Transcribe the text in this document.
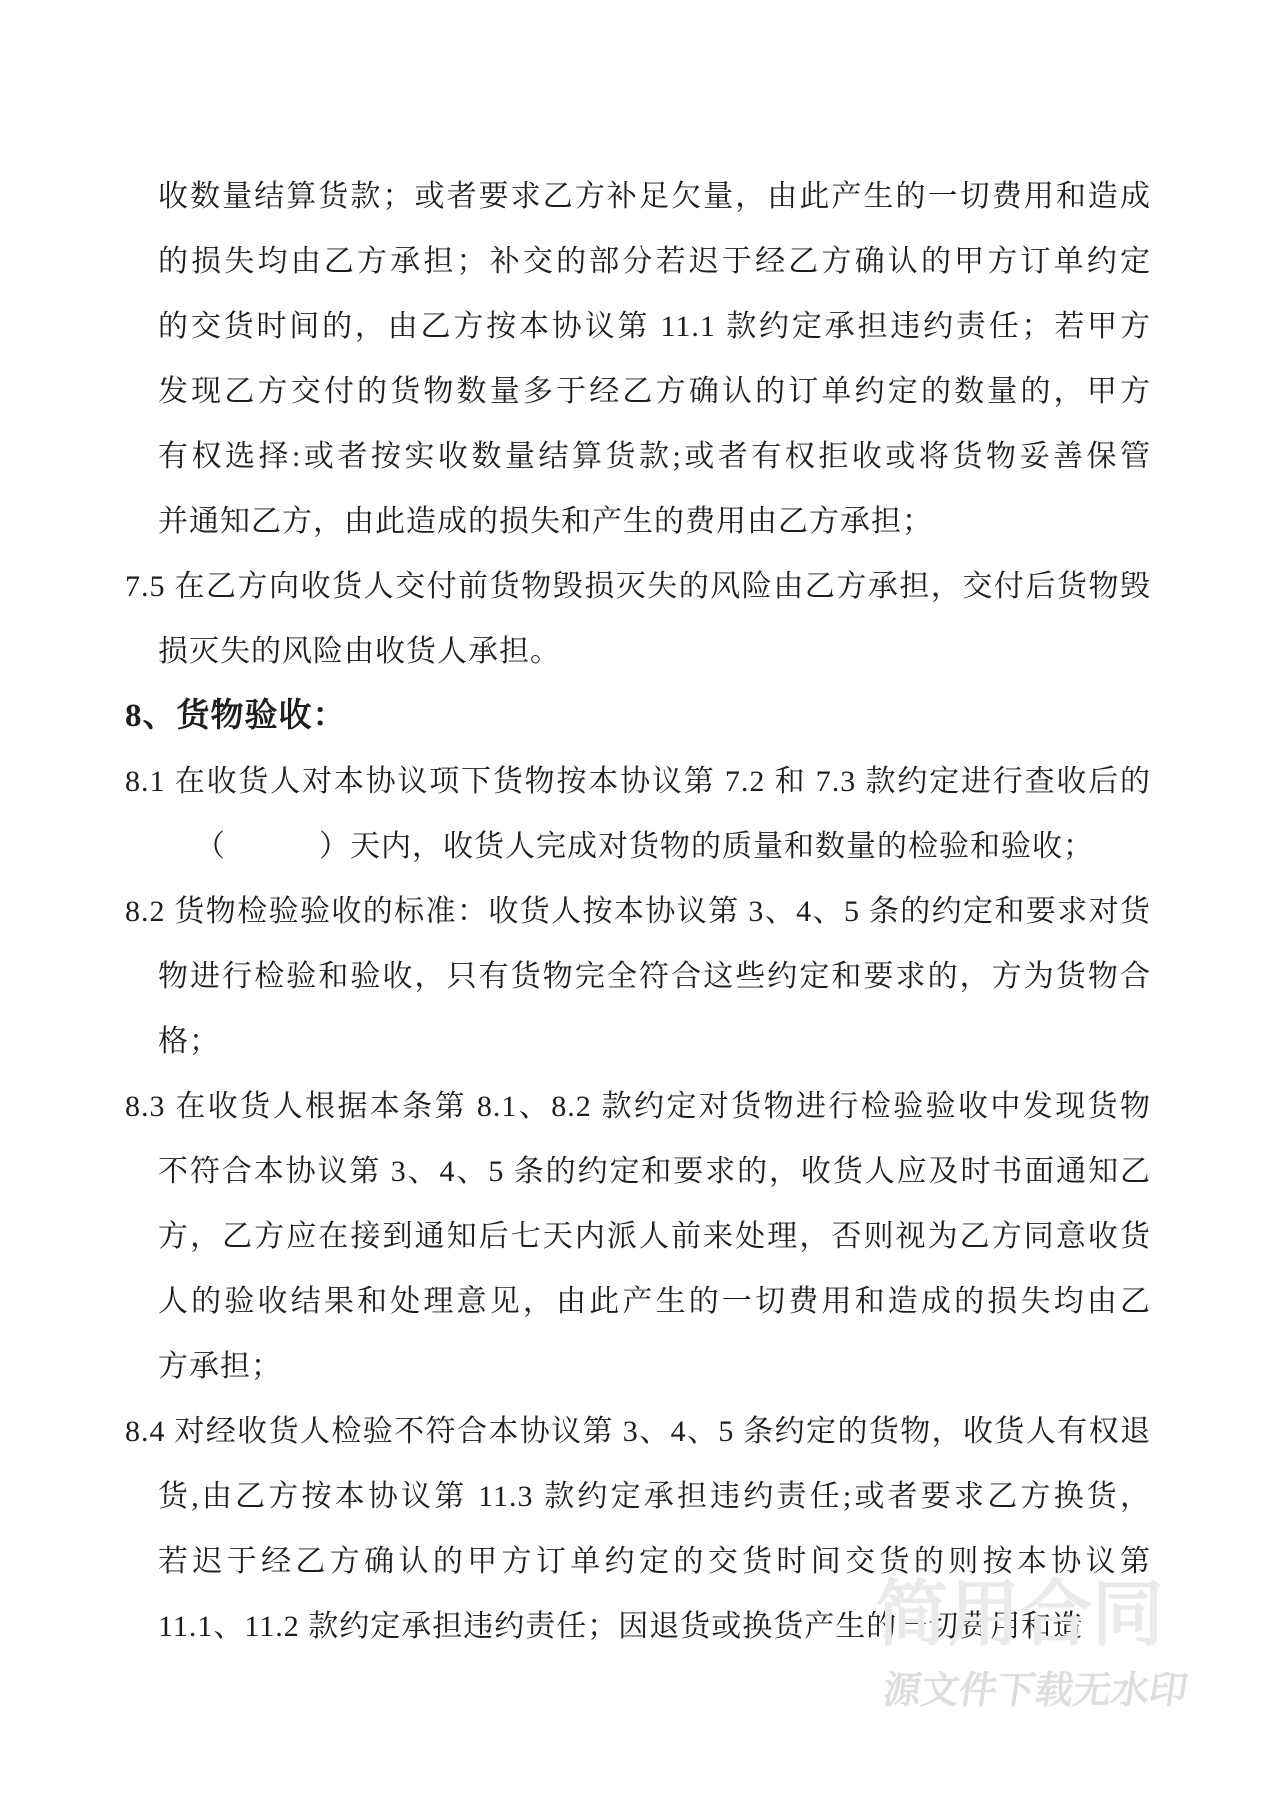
收数量结算货款；或者要求乙方补足欠量，由此产生的一切费用和造成
的损失均由乙方承担；补交的部分若迟于经乙方确认的甲方订单约定
的交货时间的，由乙方按本协议第 11.1 款约定承担违约责任；若甲方
发现乙方交付的货物数量多于经乙方确认的订单约定的数量的，甲方
有权选择:或者按实收数量结算货款;或者有权拒收或将货物妥善保管
并通知乙方，由此造成的损失和产生的费用由乙方承担；
7.5 在乙方向收货人交付前货物毁损灭失的风险由乙方承担，交付后货物毁
损灭失的风险由收货人承担。
8、货物验收：
8.1 在收货人对本协议项下货物按本协议第 7.2 和 7.3 款约定进行查收后的
（　　　）天内，收货人完成对货物的质量和数量的检验和验收；
8.2 货物检验验收的标准：收货人按本协议第 3、4、5 条的约定和要求对货
物进行检验和验收，只有货物完全符合这些约定和要求的，方为货物合
格；
8.3 在收货人根据本条第 8.1、8.2 款约定对货物进行检验验收中发现货物
不符合本协议第 3、4、5 条的约定和要求的，收货人应及时书面通知乙
方，乙方应在接到通知后七天内派人前来处理，否则视为乙方同意收货
人的验收结果和处理意见，由此产生的一切费用和造成的损失均由乙
方承担；
8.4 对经收货人检验不符合本协议第 3、4、5 条约定的货物，收货人有权退
货,由乙方按本协议第 11.3 款约定承担违约责任;或者要求乙方换货，
若迟于经乙方确认的甲方订单约定的交货时间交货的则按本协议第
11.1、11.2 款约定承担违约责任；因退货或换货产生的一切费用和造
简用合同
源文件下载无水印
